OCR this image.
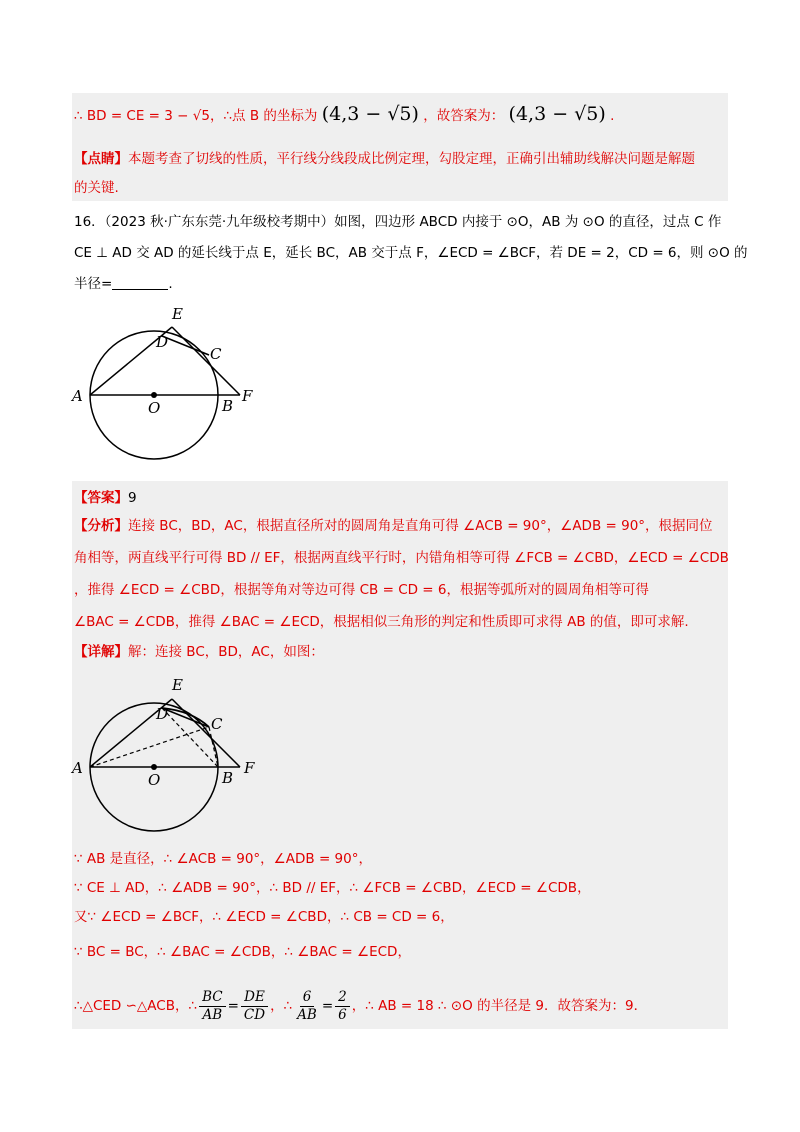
∴ BD = CE = 3 − √5，∴点 B 的坐标为 (4,3 − √5) ，故答案为： (4,3 − √5) .
【点睛】本题考查了切线的性质，平行线分线段成比例定理，勾股定理，正确引出辅助线解决问题是解题
的关键.
16．（2023 秋·广东东莞·九年级校考期中）如图，四边形 ABCD 内接于 ⊙O，AB 为 ⊙O 的直径，过点 C 作
CE ⊥ AD 交 AD 的延长线于点 E，延长 BC，AB 交于点 F，∠ECD = ∠BCF，若 DE = 2，CD = 6，则 ⊙O 的
半径=	.
A
B
F
O
E
D
C
【答案】9
【分析】连接 BC，BD，AC，根据直径所对的圆周角是直角可得 ∠ACB = 90°，∠ADB = 90°，根据同位
角相等，两直线平行可得 BD // EF，根据两直线平行时，内错角相等可得 ∠FCB = ∠CBD，∠ECD = ∠CDB
，推得 ∠ECD = ∠CBD，根据等角对等边可得 CB = CD = 6，根据等弧所对的圆周角相等可得
∠BAC = ∠CDB，推得 ∠BAC = ∠ECD，根据相似三角形的判定和性质即可求得 AB 的值，即可求解.
【详解】解：连接 BC，BD，AC，如图：
A
B
F
O
E
D
C
∵ AB 是直径，∴ ∠ACB = 90°，∠ADB = 90°，
∵ CE ⊥ AD，∴ ∠ADB = 90°，∴ BD // EF，∴ ∠FCB = ∠CBD，∠ECD = ∠CDB，
又∵ ∠ECD = ∠BCF，∴ ∠ECD = ∠CBD，∴ CB = CD = 6，
∵ BC = BC，∴ ∠BAC = ∠CDB，∴ ∠BAC = ∠ECD，
∴△CED ∽△ACB，∴ $\frac{BC}{AB} = \frac{DE}{CD}$ ，∴ $\frac{6}{AB} = \frac{2}{6}$ ，∴ AB = 18 ∴ ⊙O 的半径是 9．故答案为：9．
